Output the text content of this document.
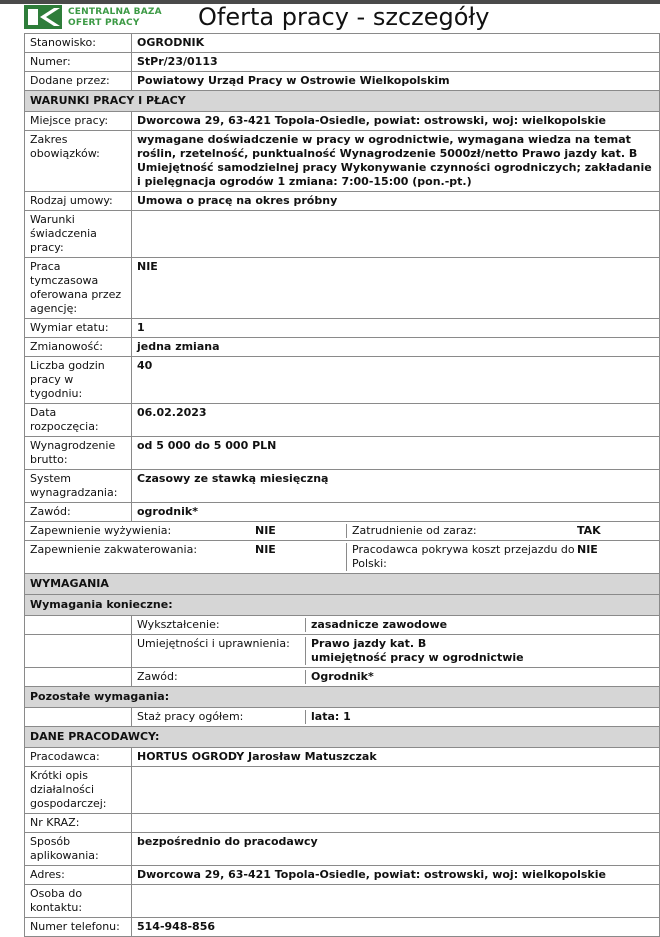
CENTRALNA BAZA
OFERT PRACY Oferta pracy - szczegóły
Stanowisko:	OGRODNIK
Numer:	StPr/23/0113
Dodane przez:	Powiatowy Urząd Pracy w Ostrowie Wielkopolskim
WARUNKI PRACY I PŁACY
Miejsce pracy:	Dworcowa 29, 63-421 Topola-Osiedle, powiat: ostrowski, woj: wielkopolskie
Zakres obowiązków:	wymagane doświadczenie w pracy w ogrodnictwie, wymagana wiedza na temat roślin, rzetelność, punktualność Wynagrodzenie 5000zł/netto Prawo jazdy kat. B Umiejętność samodzielnej pracy Wykonywanie czynności ogrodniczych; zakładanie i pielęgnacja ogrodów 1 zmiana: 7:00-15:00 (pon.-pt.)
Rodzaj umowy:	Umowa o pracę na okres próbny
Warunki świadczenia pracy:	
Praca tymczasowa oferowana przez agencję:	NIE
Wymiar etatu:	1
Zmianowość:	jedna zmiana
Liczba godzin pracy w tygodniu:	40
Data rozpoczęcia:	06.02.2023
Wynagrodzenie brutto:	od 5 000 do 5 000 PLN
System wynagradzania:	Czasowy ze stawką miesięczną
Zawód:	ogrodnik*

Zapewnienie wyżywienia:	NIE	Zatrudnienie od zaraz:	TAK

Zapewnienie zakwaterowania:	NIE	Pracodawca pokrywa koszt przejazdu do Polski:	NIE

WYMAGANIA
Wymagania konieczne:

Wykształcenie:	zasadnicze zawodowe

Umiejętności i uprawnienia:	Prawo jazdy kat. B
umiejętność pracy w ogrodnictwie

Zawód:	Ogrodnik*

Pozostałe wymagania:

Staż pracy ogółem:	lata: 1

DANE PRACODAWCY:
Pracodawca:	HORTUS OGRODY Jarosław Matuszczak
Krótki opis działalności gospodarczej:	
Nr KRAZ:	
Sposób aplikowania:	bezpośrednio do pracodawcy
Adres:	Dworcowa 29, 63-421 Topola-Osiedle, powiat: ostrowski, woj: wielkopolskie
Osoba do kontaktu:	
Numer telefonu:	514-948-856
